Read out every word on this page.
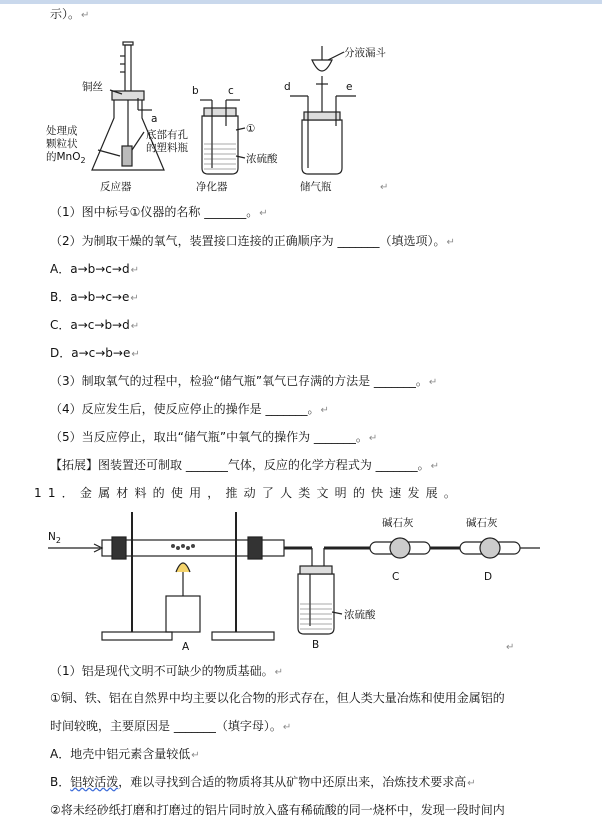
示）。↵
铜丝
处理成
颗粒状
的MnO$_2$
a
底部有孔
的塑料瓶
反应器
b	c
①
浓硫酸
净化器
分液漏斗
d	e
储气瓶	↵
（1）图中标号①仪器的名称 _______。↵
（2）为制取干燥的氧气，装置接口连接的正确顺序为 _______（填选项）。↵
A．a→b→c→d↵
B．a→b→c→e↵
C．a→c→b→d↵
D．a→c→b→e↵
（3）制取氧气的过程中，检验“储气瓶”氧气已存满的方法是 _______。↵
（4）反应发生后，使反应停止的操作是 _______。↵
（5）当反应停止，取出“储气瓶”中氧气的操作为 _______。↵
【拓展】图装置还可制取 _______气体，反应的化学方程式为 _______。↵
11．金属材料的使用，推动了人类文明的快速发展。
$N_2$
碱石灰	碱石灰
浓硫酸
A	B
C	D
↵
（1）铝是现代文明不可缺少的物质基础。↵
①铜、铁、铝在自然界中均主要以化合物的形式存在，但人类大量冶炼和使用金属铝的
时间较晚，主要原因是 _______（填字母）。↵
A．地壳中铝元素含量较低↵
B．铝较活泼，难以寻找到合适的物质将其从矿物中还原出来，冶炼技术要求高↵
②将未经砂纸打磨和打磨过的铝片同时放入盛有稀硫酸的同一烧杯中，发现一段时间内
